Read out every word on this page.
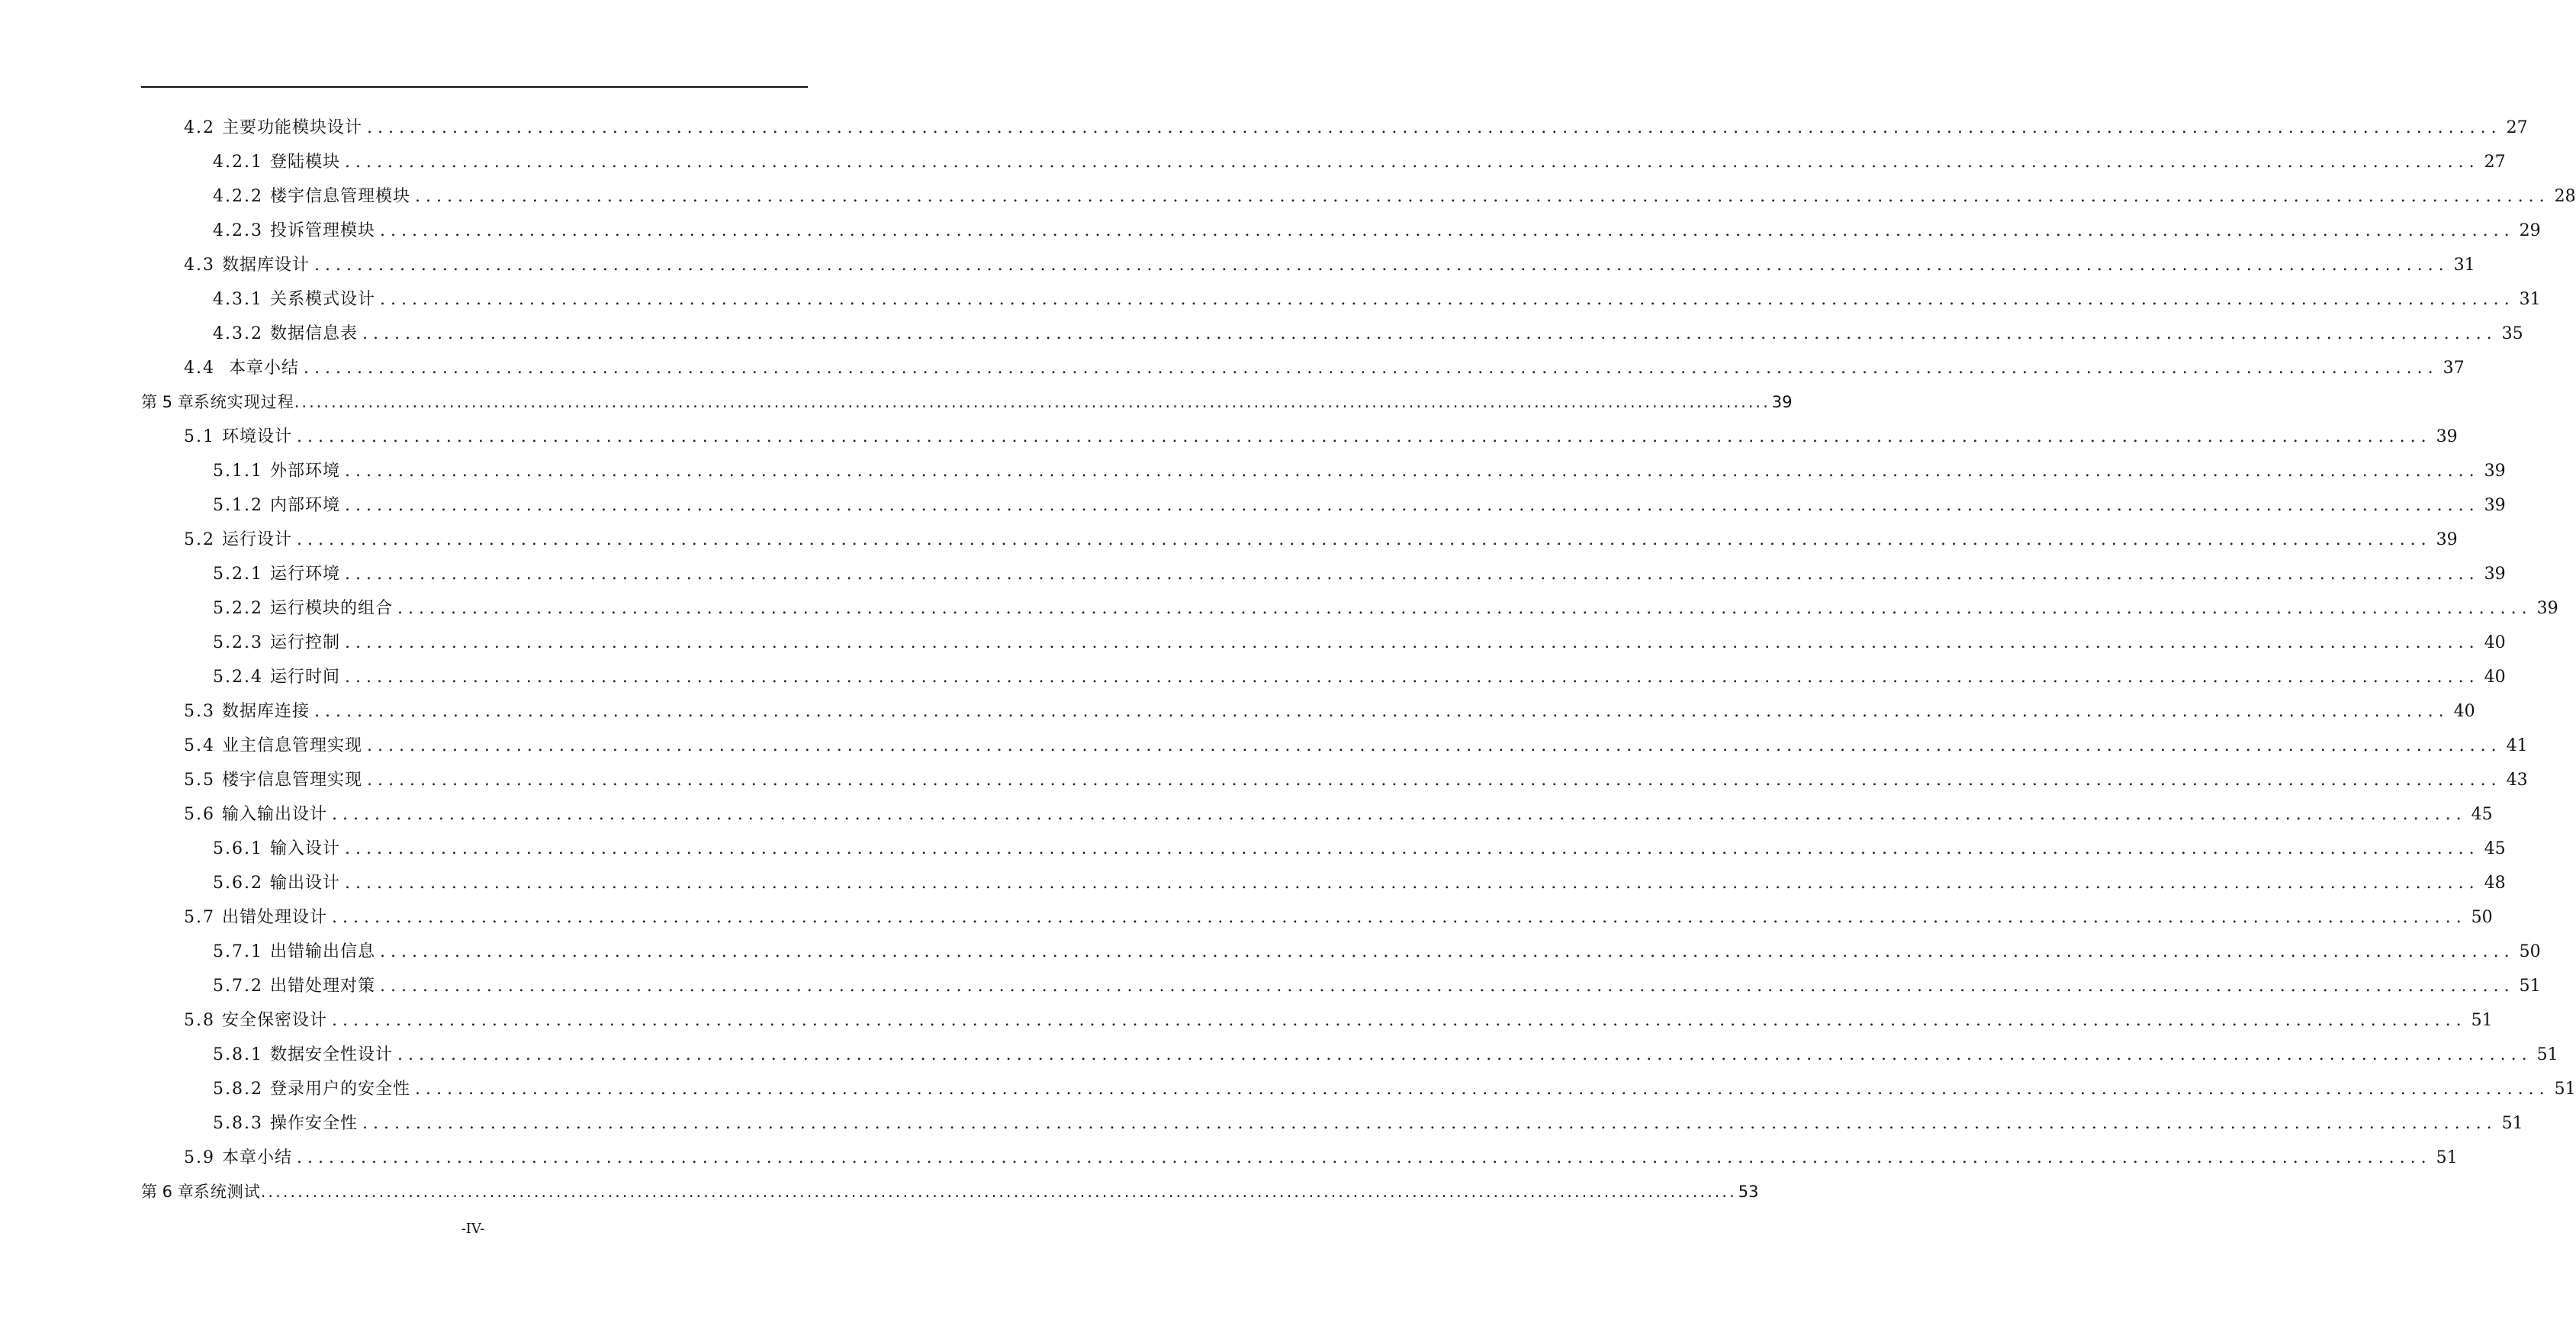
4.2 主要功能模块设计 ........................................................................................................................................................................................................ 27
4.2.1 登陆模块 ........................................................................................................................................................................................................ 27
4.2.2 楼宇信息管理模块 ........................................................................................................................................................................................................ 28
4.2.3 投诉管理模块 ........................................................................................................................................................................................................ 29
4.3 数据库设计 ........................................................................................................................................................................................................ 31
4.3.1 关系模式设计 ........................................................................................................................................................................................................ 31
4.3.2 数据信息表 ........................................................................................................................................................................................................ 35
4.4 本章小结 ........................................................................................................................................................................................................ 37
第 5 章 系统实现过程 ........................................................................................................................................................................................................ 39
5.1 环境设计 ........................................................................................................................................................................................................ 39
5.1.1 外部环境 ........................................................................................................................................................................................................ 39
5.1.2 内部环境 ........................................................................................................................................................................................................ 39
5.2 运行设计 ........................................................................................................................................................................................................ 39
5.2.1 运行环境 ........................................................................................................................................................................................................ 39
5.2.2 运行模块的组合 ........................................................................................................................................................................................................ 39
5.2.3 运行控制 ........................................................................................................................................................................................................ 40
5.2.4 运行时间 ........................................................................................................................................................................................................ 40
5.3 数据库连接 ........................................................................................................................................................................................................ 40
5.4 业主信息管理实现 ........................................................................................................................................................................................................ 41
5.5 楼宇信息管理实现 ........................................................................................................................................................................................................ 43
5.6 输入输出设计 ........................................................................................................................................................................................................ 45
5.6.1 输入设计 ........................................................................................................................................................................................................ 45
5.6.2 输出设计 ........................................................................................................................................................................................................ 48
5.7 出错处理设计 ........................................................................................................................................................................................................ 50
5.7.1 出错输出信息 ........................................................................................................................................................................................................ 50
5.7.2 出错处理对策 ........................................................................................................................................................................................................ 51
5.8 安全保密设计 ........................................................................................................................................................................................................ 51
5.8.1 数据安全性设计 ........................................................................................................................................................................................................ 51
5.8.2 登录用户的安全性 ........................................................................................................................................................................................................ 51
5.8.3 操作安全性 ........................................................................................................................................................................................................ 51
5.9 本章小结 ........................................................................................................................................................................................................ 51
第 6 章 系统测试 ........................................................................................................................................................................................................ 53
-IV-
